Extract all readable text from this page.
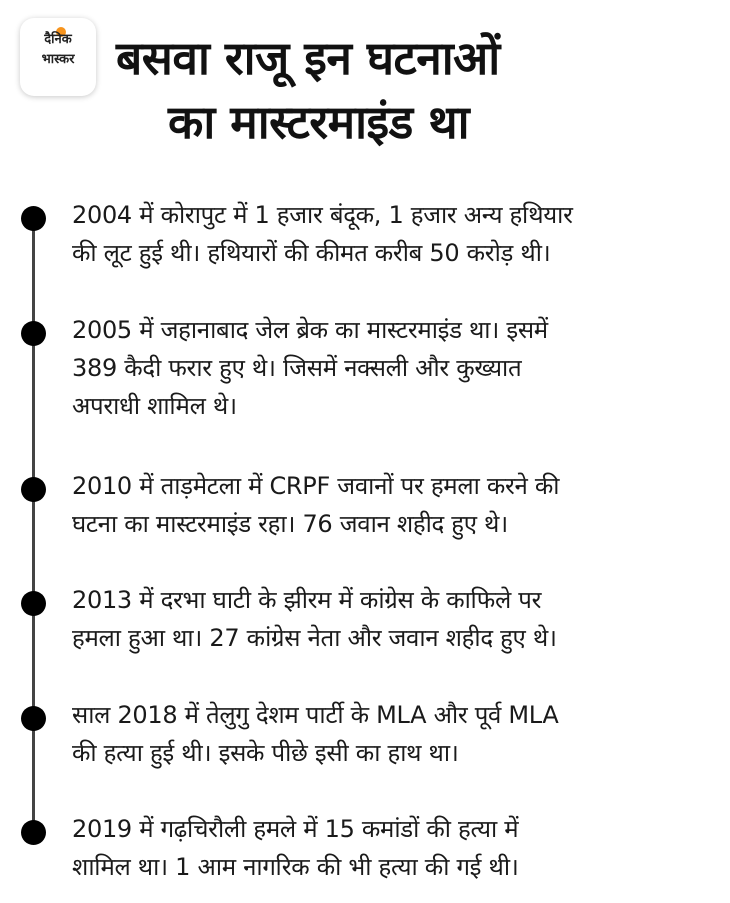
दैनिक
भास्कर बसवा राजू इन घटनाओं
का मास्टरमाइंड था

2004 में कोरापुट में 1 हजार बंदूक, 1 हजार अन्य हथियार
की लूट हुई थी। हथियारों की कीमत करीब 50 करोड़ थी।

2005 में जहानाबाद जेल ब्रेक का मास्टरमाइंड था। इसमें
389 कैदी फरार हुए थे। जिसमें नक्सली और कुख्यात
अपराधी शामिल थे।

2010 में ताड़मेटला में CRPF जवानों पर हमला करने की
घटना का मास्टरमाइंड रहा। 76 जवान शहीद हुए थे।

2013 में दरभा घाटी के झीरम में कांग्रेस के काफिले पर
हमला हुआ था। 27 कांग्रेस नेता और जवान शहीद हुए थे।

साल 2018 में तेलुगु देशम पार्टी के MLA और पूर्व MLA
की हत्या हुई थी। इसके पीछे इसी का हाथ था।

2019 में गढ़चिरौली हमले में 15 कमांडों की हत्या में
शामिल था। 1 आम नागरिक की भी हत्या की गई थी।
